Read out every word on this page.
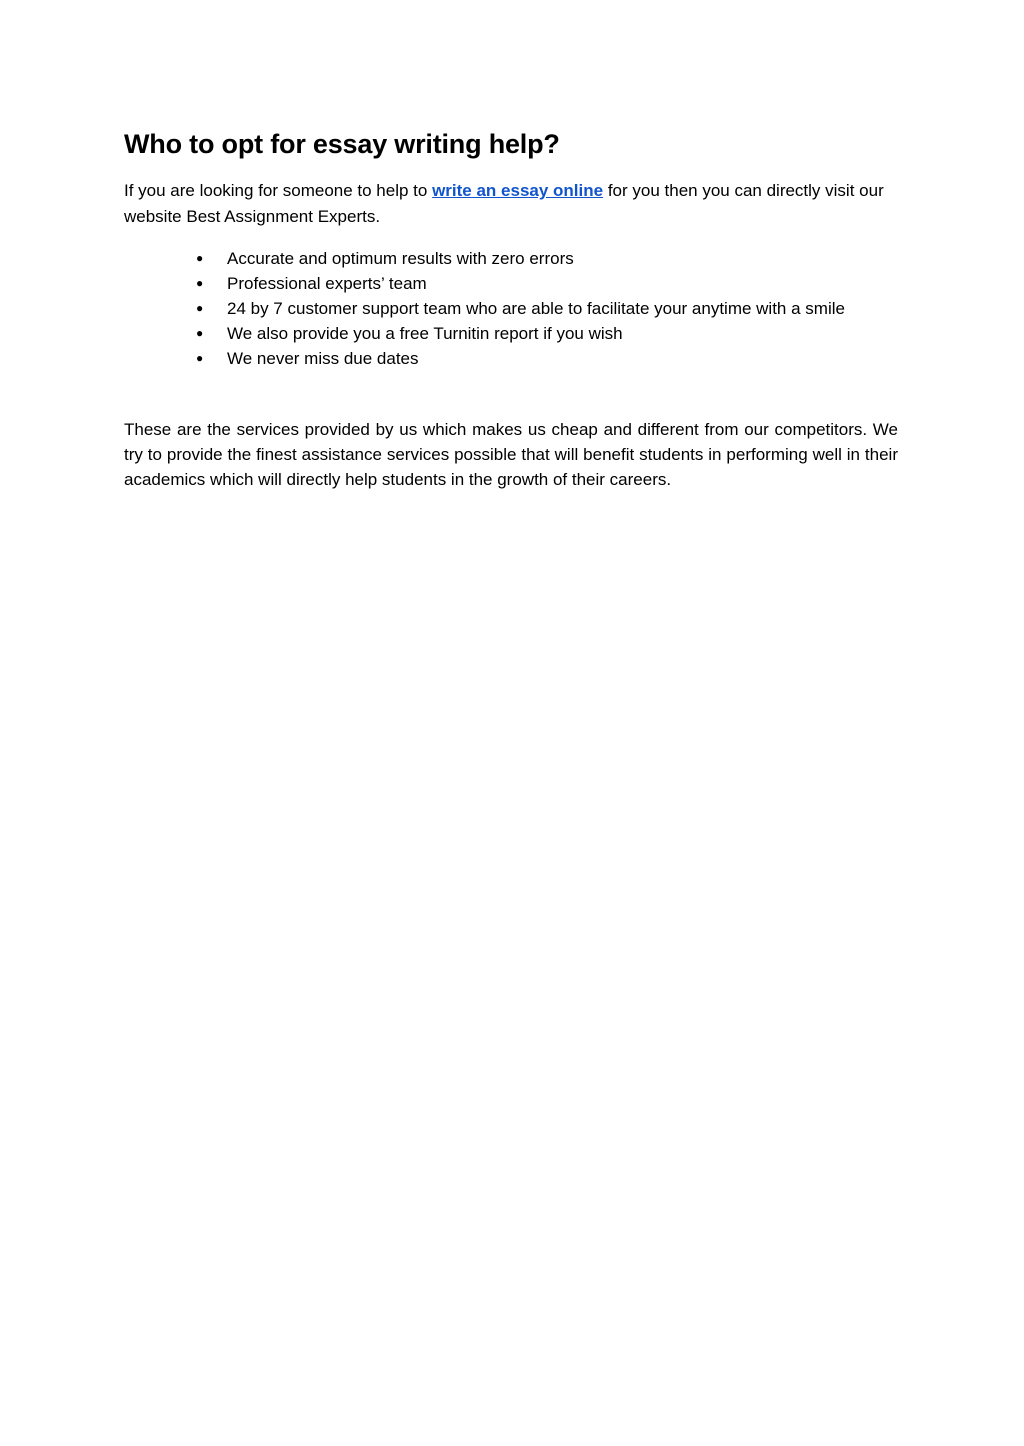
Who to opt for essay writing help?

If you are looking for someone to help to write an essay online for you then you can directly visit our website Best Assignment Experts.

● Accurate and optimum results with zero errors
● Professional experts’ team
● 24 by 7 customer support team who are able to facilitate your anytime with a smile
● We also provide you a free Turnitin report if you wish
● We never miss due dates

These are the services provided by us which makes us cheap and different from our competitors. We try to provide the finest assistance services possible that will benefit students in performing well in their academics which will directly help students in the growth of their careers.
